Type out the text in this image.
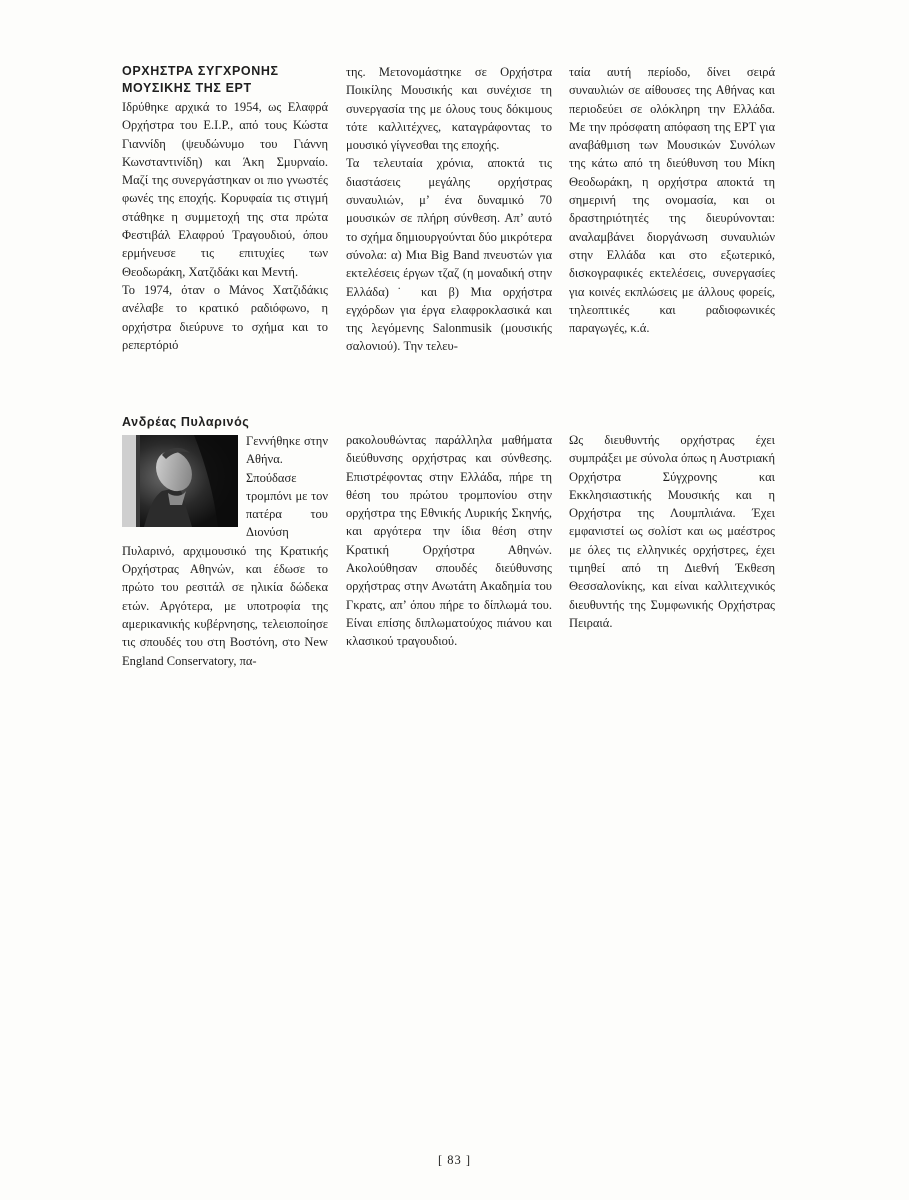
ΟΡΧΗΣΤΡΑ ΣΥΓΧΡΟΝΗΣ
ΜΟΥΣΙΚΗΣ ΤΗΣ ΕΡΤ

Ιδρύθηκε αρχικά το 1954, ως Ελαφρά Ορχήστρα του Ε.Ι.Ρ., από τους Κώστα Γιαννίδη (ψευδώνυμο του Γιάννη Κωνσταντινίδη) και Άκη Σμυρναίο. Μαζί της συνεργάστηκαν οι πιο γνωστές φωνές της εποχής. Κορυφαία τις στιγμή στάθηκε η συμμετοχή της στα πρώτα Φεστιβάλ Ελαφρού Τραγουδιού, όπου ερμήνευσε τις επιτυχίες των Θεοδωράκη, Χατζιδάκι και Μεντή.

Το 1974, όταν ο Μάνος Χατζιδάκις ανέλαβε το κρατικό ραδιόφωνο, η ορχήστρα διεύρυνε το σχήμα και το ρεπερτόριό

της. Μετονομάστηκε σε Ορχήστρα Ποικίλης Μουσικής και συνέχισε τη συνεργασία της με όλους τους δόκιμους τότε καλλιτέχνες, καταγράφοντας το μουσικό γίγνεσθαι της εποχής.

Τα τελευταία χρόνια, αποκτά τις διαστάσεις μεγάλης ορχήστρας συναυλιών, μ’ ένα δυναμικό 70 μουσικών σε πλήρη σύνθεση. Απ’ αυτό το σχήμα δημιουργούνται δύο μικρότερα σύνολα: α) Μια Big Band πνευστών για εκτελέσεις έργων τζαζ (η μοναδική στην Ελλάδα)˙ και β) Μια ορχήστρα εγχόρδων για έργα ελαφροκλασικά και της λεγόμενης Salonmusik (μουσικής σαλονιού). Την τελευ-

ταία αυτή περίοδο, δίνει σειρά συναυλιών σε αίθουσες της Αθήνας και περιοδεύει σε ολόκληρη την Ελλάδα. Με την πρόσφατη απόφαση της ΕΡΤ για αναβάθμιση των Μουσικών Συνόλων της κάτω από τη διεύθυνση του Μίκη Θεοδωράκη, η ορχήστρα αποκτά τη σημερινή της ονομασία, και οι δραστηριότητές της διευρύνονται: αναλαμβάνει διοργάνωση συναυλιών στην Ελλάδα και στο εξωτερικό, δισκογραφικές εκτελέσεις, συνεργασίες για κοινές εκπλώσεις με άλλους φορείς, τηλεοπτικές και ραδιοφωνικές παραγωγές, κ.ά.

Ανδρέας Πυλαρινός

Γεννήθηκε στην Αθήνα. Σπούδασε τρομπόνι με τον πατέρα του Διονύση Πυλαρινό, αρχιμουσικό της Κρατικής Ορχήστρας Αθηνών, και έδωσε το πρώτο του ρεσιτάλ σε ηλικία δώδεκα ετών. Αργότερα, με υποτροφία της αμερικανικής κυβέρνησης, τελειοποίησε τις σπουδές του στη Βοστόνη, στο New England Conservatory, πα-

ρακολουθώντας παράλληλα μαθήματα διεύθυνσης ορχήστρας και σύνθεσης. Επιστρέφοντας στην Ελλάδα, πήρε τη θέση του πρώτου τρομπονίου στην ορχήστρα της Εθνικής Λυρικής Σκηνής, και αργότερα την ίδια θέση στην Κρατική Ορχήστρα Αθηνών. Ακολούθησαν σπουδές διεύθυνσης ορχήστρας στην Ανωτάτη Ακαδημία του Γκρατς, απ’ όπου πήρε το δίπλωμά του. Είναι επίσης διπλωματούχος πιάνου και κλασικού τραγουδιού.

Ως διευθυντής ορχήστρας έχει συμπράξει με σύνολα όπως η Αυστριακή Ορχήστρα Σύγχρονης και Εκκλησιαστικής Μουσικής και η Ορχήστρα της Λουμπλιάνα. Έχει εμφανιστεί ως σολίστ και ως μαέστρος με όλες τις ελληνικές ορχήστρες, έχει τιμηθεί από τη Διεθνή Έκθεση Θεσσαλονίκης, και είναι καλλιτεχνικός διευθυντής της Συμφωνικής Ορχήστρας Πειραιά.

[ 83 ]
